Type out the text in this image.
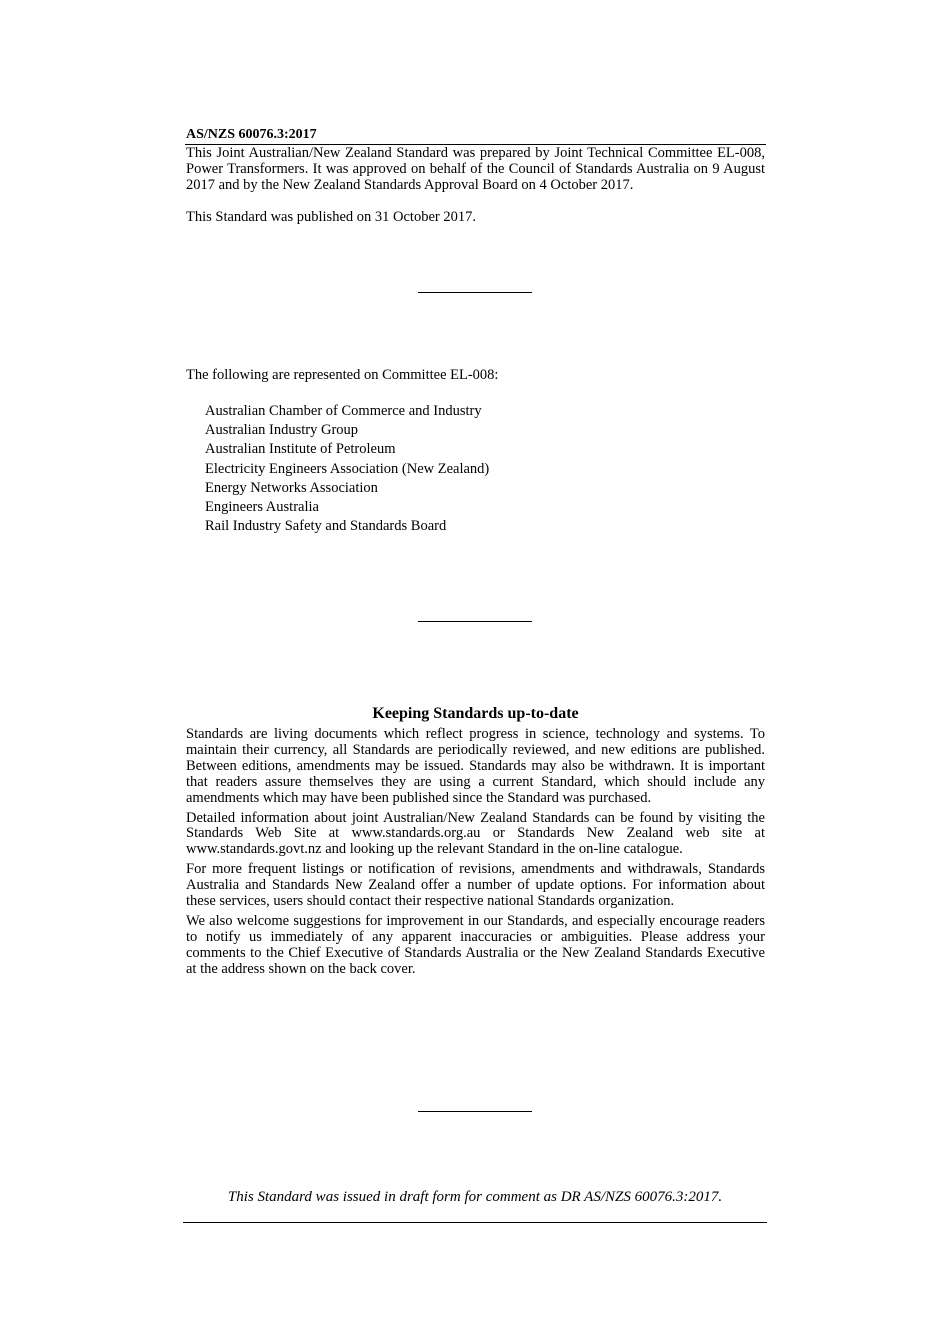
AS/NZS 60076.3:2017

This Joint Australian/New Zealand Standard was prepared by Joint Technical Committee EL-008, Power Transformers. It was approved on behalf of the Council of Standards Australia on 9 August 2017 and by the New Zealand Standards Approval Board on 4 October 2017.

This Standard was published on 31 October 2017.

The following are represented on Committee EL-008:

Australian Chamber of Commerce and Industry
Australian Industry Group
Australian Institute of Petroleum
Electricity Engineers Association (New Zealand)
Energy Networks Association
Engineers Australia
Rail Industry Safety and Standards Board
Keeping Standards up-to-date

Standards are living documents which reflect progress in science, technology and systems. To maintain their currency, all Standards are periodically reviewed, and new editions are published. Between editions, amendments may be issued. Standards may also be withdrawn. It is important that readers assure themselves they are using a current Standard, which should include any amendments which may have been published since the Standard was purchased.

Detailed information about joint Australian/New Zealand Standards can be found by visiting the Standards Web Site at www.standards.org.au or Standards New Zealand web site at www.standards.govt.nz and looking up the relevant Standard in the on-line catalogue.

For more frequent listings or notification of revisions, amendments and withdrawals, Standards Australia and Standards New Zealand offer a number of update options. For information about these services, users should contact their respective national Standards organization.

We also welcome suggestions for improvement in our Standards, and especially encourage readers to notify us immediately of any apparent inaccuracies or ambiguities. Please address your comments to the Chief Executive of Standards Australia or the New Zealand Standards Executive at the address shown on the back cover.

This Standard was issued in draft form for comment as DR AS/NZS 60076.3:2017.
